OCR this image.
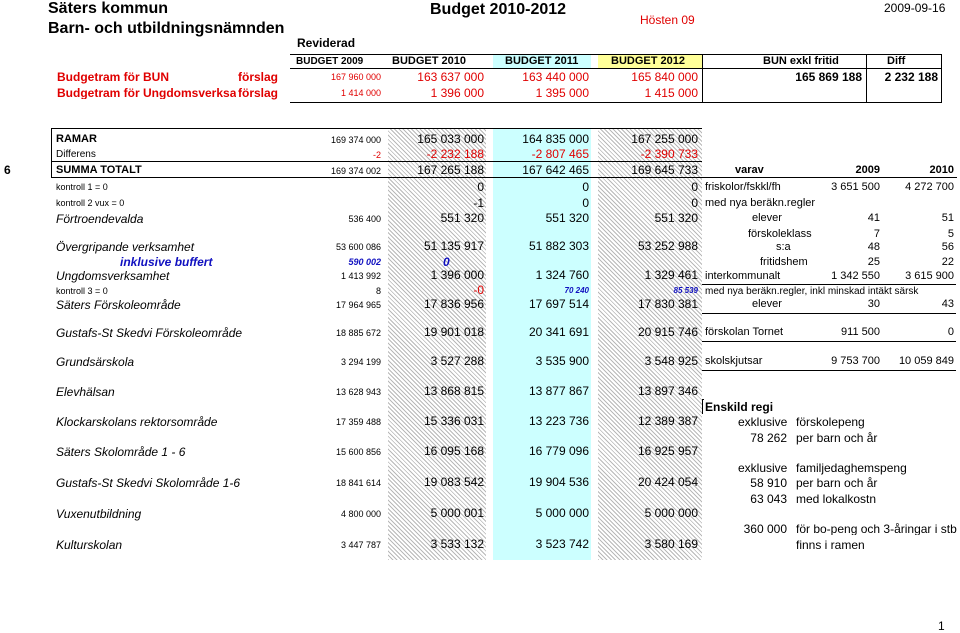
Säters kommun
Barn- och utbildningsnämnden
Budget 2010-2012
Hösten 09
2009-09-16
Reviderad
BUDGET 2009	BUDGET 2010	BUDGET 2011	BUDGET 2012	BUN exkl fritid	Diff
Budgetram för BUN	förslag	167 960 000	163 637 000	163 440 000	165 840 000	165 869 188	2 232 188
Budgetram för Ungdomsverksa förslag	1 414 000	1 396 000	1 395 000	1 415 000
RAMAR	169 374 000	165 033 000	164 835 000	167 255 000
Differens	-2	-2 232 188	-2 807 465	-2 390 733
6	SUMMA TOTALT	169 374 002	167 265 188	167 642 465	169 645 733	varav	2009	2010
kontroll 1 = 0	0	0	0 friskolor/fskkl/fh	3 651 500	4 272 700
kontroll 2 vux = 0	-1	0	0 med nya beräkn.regler
Förtroendevalda	536 400	551 320	551 320	551 320	elever	41	51
förskoleklass	7	5
Övergripande verksamhet	53 600 086	51 135 917	51 882 303	53 252 988	s:a	48	56
inklusive buffert	590 002	0	fritidshem	25	22
Ungdomsverksamhet	1 413 992	1 396 000	1 324 760	1 329 461 interkommunalt	1 342 550	3 615 900
kontroll 3 = 0	8	-0	70 240	85 539 med nya beräkn.regler, inkl minskad intäkt särsk
Säters Förskoleområde	17 964 965	17 836 956	17 697 514	17 830 381	elever	30	43
Gustafs-St Skedvi Förskoleområde	18 885 672	19 901 018	20 341 691	20 915 746 förskolan Tornet	911 500	0
Grundsärskola	3 294 199	3 527 288	3 535 900	3 548 925 skolskjutsar	9 753 700	10 059 849
Elevhälsan	13 628 943	13 868 815	13 877 867	13 897 346
Enskild regi
Klockarskolans rektorsområde	17 359 488	15 336 031	13 223 736	12 389 387	exklusive förskolepeng
78 262 per barn och år
Säters Skolområde 1 - 6	15 600 856	16 095 168	16 779 096	16 925 957
exklusive familjedaghemspeng
Gustafs-St Skedvi Skolområde 1-6	18 841 614	19 083 542	19 904 536	20 424 054	58 910 per barn och år
63 043 med lokalkostn
Vuxenutbildning	4 800 000	5 000 001	5 000 000	5 000 000
360 000 för bo-peng och 3-åringar i stb
Kulturskolan	3 447 787	3 533 132	3 523 742	3 580 169	finns i ramen
1
